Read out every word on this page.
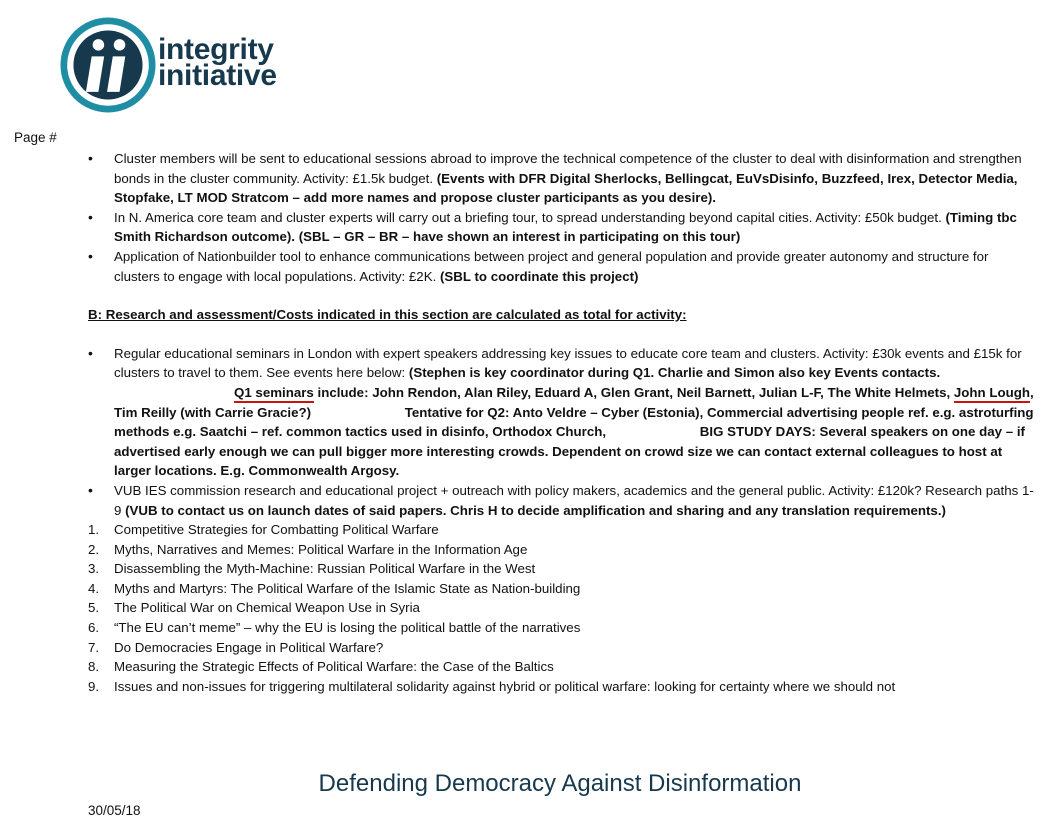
integrity
initiative
Page #
• Cluster members will be sent to educational sessions abroad to improve the technical competence of the cluster to deal with disinformation and strengthen bonds in the cluster community. Activity: £1.5k budget. (Events with DFR Digital Sherlocks, Bellingcat, EuVsDisinfo, Buzzfeed, Irex, Detector Media, Stopfake, LT MOD Stratcom – add more names and propose cluster participants as you desire).
• In N. America core team and cluster experts will carry out a briefing tour, to spread understanding beyond capital cities. Activity: £50k budget. (Timing tbc Smith Richardson outcome). (SBL – GR – BR – have shown an interest in participating on this tour)
• Application of Nationbuilder tool to enhance communications between project and general population and provide greater autonomy and structure for clusters to engage with local populations. Activity: £2K. (SBL to coordinate this project)
B: Research and assessment/Costs indicated in this section are calculated as total for activity:
• Regular educational seminars in London with expert speakers addressing key issues to educate core team and clusters. Activity: £30k events and £15k for clusters to travel to them. See events here below: (Stephen is key coordinator during Q1. Charlie and Simon also key Events contacts. Q1 seminars include: John Rendon, Alan Riley, Eduard A, Glen Grant, Neil Barnett, Julian L-F, The White Helmets, John Lough, Tim Reilly (with Carrie Gracie?)	Tentative for Q2: Anto Veldre – Cyber (Estonia), Commercial advertising people ref. e.g. astroturfing methods e.g. Saatchi – ref. common tactics used in disinfo, Orthodox Church,	BIG STUDY DAYS: Several speakers on one day – if advertised early enough we can pull bigger more interesting crowds. Dependent on crowd size we can contact external colleagues to host at larger locations. E.g. Commonwealth Argosy.
• VUB IES commission research and educational project + outreach with policy makers, academics and the general public. Activity: £120k? Research paths 1-9 (VUB to contact us on launch dates of said papers. Chris H to decide amplification and sharing and any translation requirements.)
1. Competitive Strategies for Combatting Political Warfare
2. Myths, Narratives and Memes: Political Warfare in the Information Age
3. Disassembling the Myth-Machine: Russian Political Warfare in the West
4. Myths and Martyrs: The Political Warfare of the Islamic State as Nation-building
5. The Political War on Chemical Weapon Use in Syria
6. “The EU can’t meme” – why the EU is losing the political battle of the narratives
7. Do Democracies Engage in Political Warfare?
8. Measuring the Strategic Effects of Political Warfare: the Case of the Baltics
9. Issues and non-issues for triggering multilateral solidarity against hybrid or political warfare: looking for certainty where we should not
Defending Democracy Against Disinformation
30/05/18
